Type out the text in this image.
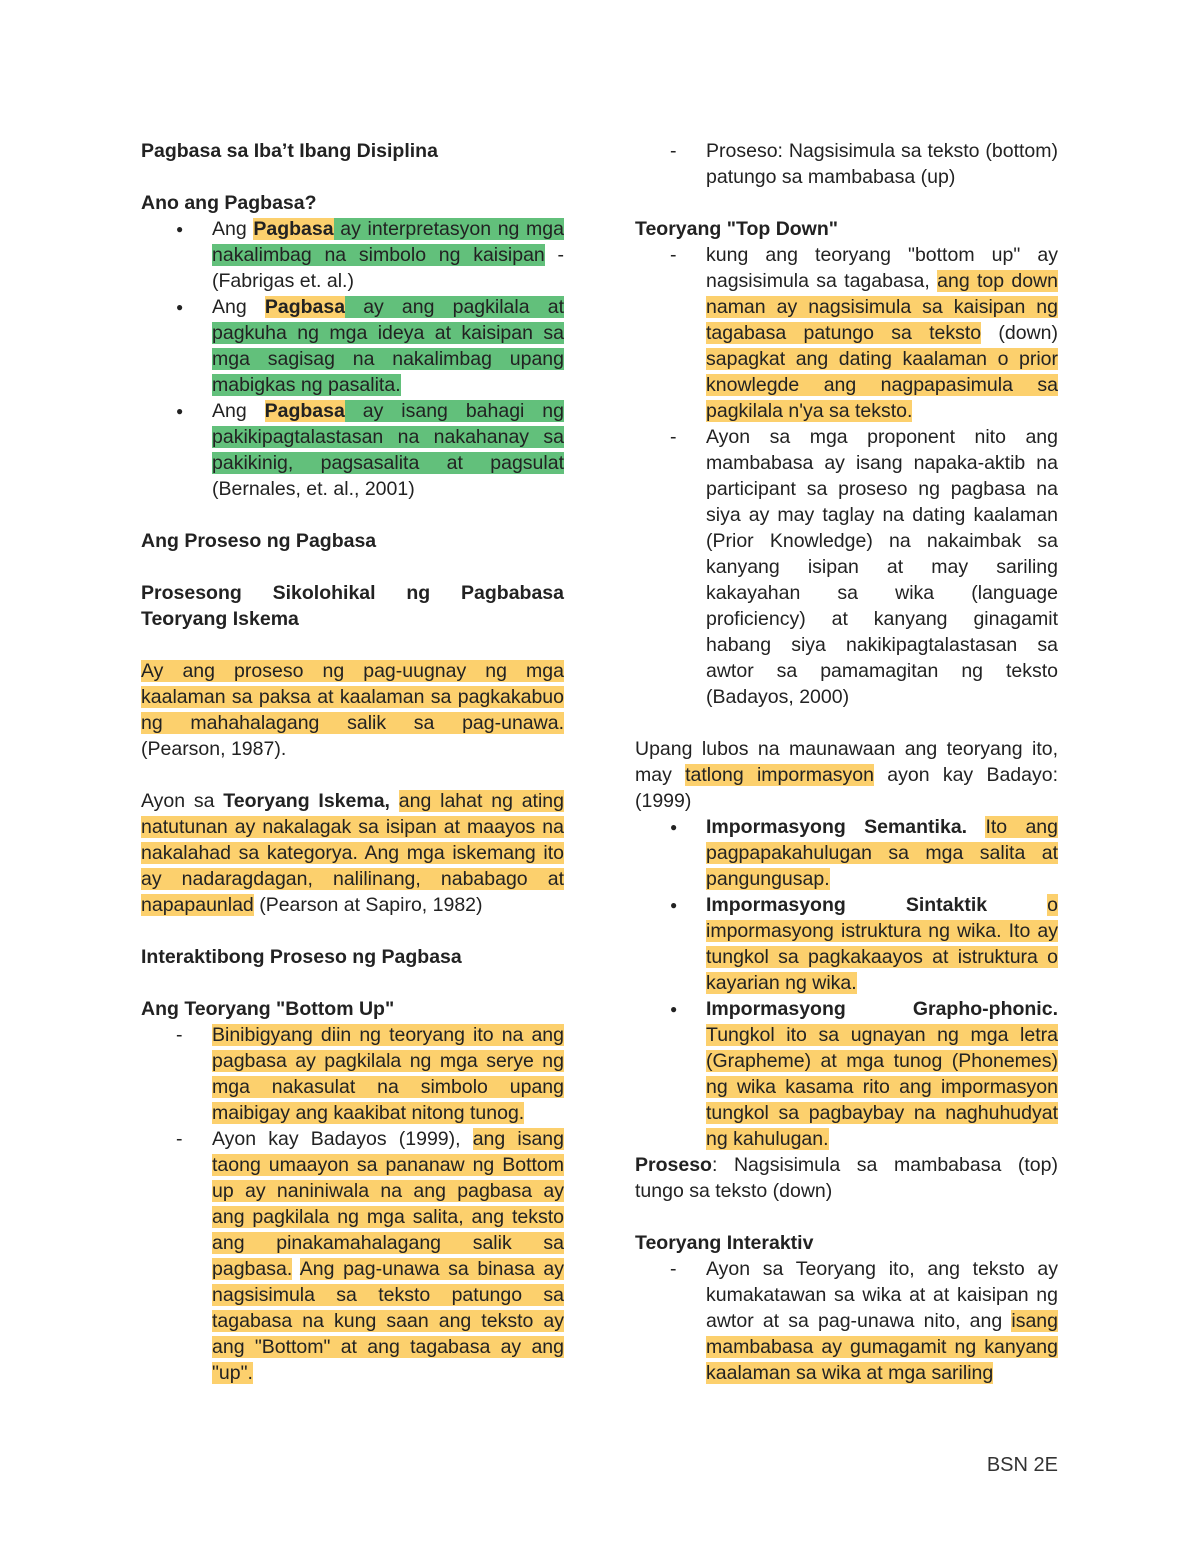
Pagbasa sa Iba’t Ibang Disiplina

Ano ang Pagbasa?

● Ang Pagbasa ay interpretasyon ng mga nakalimbag na simbolo ng kaisipan - (Fabrigas et. al.)
● Ang Pagbasa ay ang pagkilala at pagkuha ng mga ideya at kaisipan sa mga sagisag na nakalimbag upang mabigkas ng pasalita.
● Ang Pagbasa ay isang bahagi ng pakikipagtalastasan na nakahanay sa pakikinig, pagsasalita at pagsulat (Bernales, et. al., 2001)

Ang Proseso ng Pagbasa

Prosesong Sikolohikal ng Pagbabasa Teoryang Iskema

Ay ang proseso ng pag-uugnay ng mga kaalaman sa paksa at kaalaman sa pagkakabuo ng mahahalagang salik sa pag-unawa. (Pearson, 1987).

Ayon sa Teoryang Iskema, ang lahat ng ating natutunan ay nakalagak sa isipan at maayos na nakalahad sa kategorya. Ang mga iskemang ito ay nadaragdagan, nalilinang, nababago at napapaunlad (Pearson at Sapiro, 1982)

Interaktibong Proseso ng Pagbasa

Ang Teoryang "Bottom Up"

- Binibigyang diin ng teoryang ito na ang pagbasa ay pagkilala ng mga serye ng mga nakasulat na simbolo upang maibigay ang kaakibat nitong tunog.
- Ayon kay Badayos (1999), ang isang taong umaayon sa pananaw ng Bottom up ay naniniwala na ang pagbasa ay ang pagkilala ng mga salita, ang teksto ang pinakamahalagang salik sa pagbasa. Ang pag-unawa sa binasa ay nagsisimula sa teksto patungo sa tagabasa na kung saan ang teksto ay ang "Bottom" at ang tagabasa ay ang "up".
- Proseso: Nagsisimula sa teksto (bottom) patungo sa mambabasa (up)

Teoryang "Top Down"

- kung ang teoryang "bottom up" ay nagsisimula sa tagabasa, ang top down naman ay nagsisimula sa kaisipan ng tagabasa patungo sa teksto (down) sapagkat ang dating kaalaman o prior knowlegde ang nagpapasimula sa pagkilala n'ya sa teksto.
- Ayon sa mga proponent nito ang mambabasa ay isang napaka-aktib na participant sa proseso ng pagbasa na siya ay may taglay na dating kaalaman (Prior Knowledge) na nakaimbak sa kanyang isipan at may sariling kakayahan sa wika (language proficiency) at kanyang ginagamit habang siya nakikipagtalastasan sa awtor sa pamamagitan ng teksto (Badayos, 2000)

Upang lubos na maunawaan ang teoryang ito, may tatlong impormasyon ayon kay Badayo: (1999)

● Impormasyong Semantika. Ito ang pagpapakahulugan sa mga salita at pangungusap.
● Impormasyong Sintaktik	o impormasyong istruktura ng wika. Ito ay tungkol sa pagkakaayos at istruktura o kayarian ng wika.
● Impormasyong Grapho-phonic. Tungkol ito sa ugnayan ng mga letra (Grapheme) at mga tunog (Phonemes) ng wika kasama rito ang impormasyon tungkol sa pagbaybay na naghuhudyat ng kahulugan.

Proseso: Nagsisimula sa mambabasa (top) tungo sa teksto (down)

Teoryang Interaktiv

- Ayon sa Teoryang ito, ang teksto ay kumakatawan sa wika at at kaisipan ng awtor at sa pag-unawa nito, ang isang mambabasa ay gumagamit ng kanyang kaalaman sa wika at mga sariling
BSN 2E
